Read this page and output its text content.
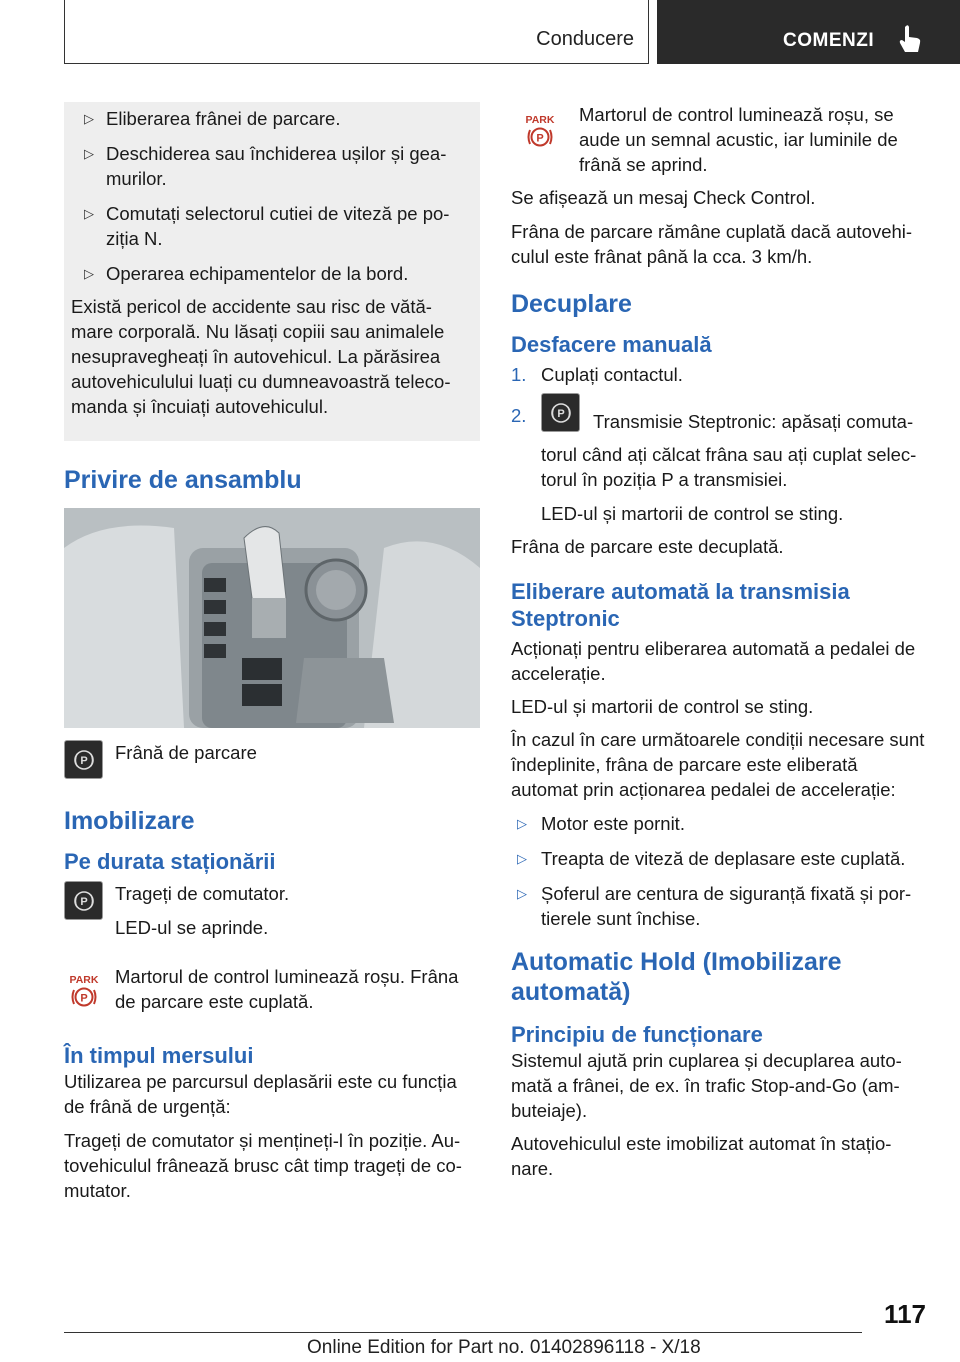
Conducere	COMENZI
▷ Eliberarea frânei de parcare.
▷ Deschiderea sau închiderea ușilor și gea-murilor.
▷ Comutați selectorul cutiei de viteză pe po-ziția N.
▷ Operarea echipamentelor de la bord.

Există pericol de accidente sau risc de vătă-mare corporală. Nu lăsați copiii sau animalele nesupravegheați în autovehicul. La părăsirea autovehiculului luați cu dumneavoastră teleco-manda și încuiați autovehiculul.

Privire de ansamblu
P Frână de parcare

Imobilizare
Pe durata staționării
P Trageți de comutator.

LED-ul se aprinde.

PARK
P

Martorul de control luminează roșu. Frâna de parcare este cuplată.

În timpul mersului

Utilizarea pe parcursul deplasării este cu funcția de frână de urgență:

Trageți de comutator și mențineți-l în poziție. Au-tovehiculul frânează brusc cât timp trageți de co-mutator.

PARK
P

Martorul de control luminează roșu, se aude un semnal acustic, iar luminile de frână se aprind.

Se afișează un mesaj Check Control.

Frâna de parcare rămâne cuplată dacă autovehi-culul este frânat până la cca. 3 km/h.

Decuplare
Desfacere manuală
1. Cuplați contactul.
2.	P Transmisie Steptronic: apăsați comuta-torul când ați călcat frâna sau ați cuplat selec-torul în poziția P a transmisiei.

LED-ul și martorii de control se sting.

Frâna de parcare este decuplată.

Eliberare automată la transmisia Steptronic

Acționați pentru eliberarea automată a pedalei de accelerație.

LED-ul și martorii de control se sting.

În cazul în care următoarele condiții necesare sunt îndeplinite, frâna de parcare este eliberată automat prin acționarea pedalei de accelerație:

▷ Motor este pornit.
▷ Treapta de viteză de deplasare este cuplată.
▷ Șoferul are centura de siguranță fixată și por-tierele sunt închise.
Automatic Hold (Imobilizare automată)
Principiu de funcționare

Sistemul ajută prin cuplarea și decuplarea auto-mată a frânei, de ex. în trafic Stop-and-Go (am-buteiaje).

Autovehiculul este imobilizat automat în stațio-nare.

117
Online Edition for Part no. 01402896118 - X/18
